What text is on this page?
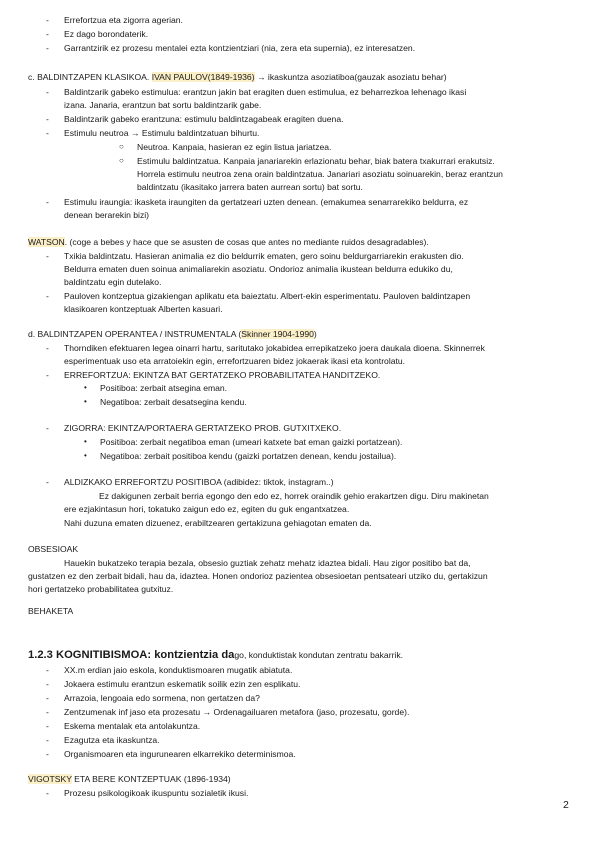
- Errefortzua eta zigorra agerian.
- Ez dago borondaterik.
- Garrantzirik ez prozesu mentalei ezta kontzientziari (nia, zera eta supernia), ez interesatzen.
c. BALDINTZAPEN KLASIKOA. IVAN PAULOV(1849-1936) → ikaskuntza asoziatiboa(gauzak asoziatu behar)
- Baldintzarik gabeko estimulua: erantzun jakin bat eragiten duen estimulua, ez beharrezkoa lehenago ikasi
izana. Janaria, erantzun bat sortu baldintzarik gabe.
- Baldintzarik gabeko erantzuna: estimulu baldintzagabeak eragiten duena.
- Estimulu neutroa → Estimulu baldintzatuan bihurtu.
○ Neutroa. Kanpaia, hasieran ez egin listua jariatzea.
○ Estimulu baldintzatua. Kanpaia janariarekin erlazionatu behar, biak batera txakurrari erakutsiz.
Horrela estimulu neutroa zena orain baldintzatua. Janariari asoziatu soinuarekin, beraz erantzun
baldintzatu (ikasitako jarrera baten aurrean sortu) bat sortu.
- Estimulu iraungia: ikasketa iraungiten da gertatzeari uzten denean. (emakumea senarrarekiko beldurra, ez
denean berarekin bizi)
WATSON. (coge a bebes y hace que se asusten de cosas que antes no mediante ruidos desagradables).
- Txikia baldintzatu. Hasieran animalia ez dio beldurrik ematen, gero soinu beldurgarriarekin erakusten dio.
Beldurra ematen duen soinua animaliarekin asoziatu. Ondorioz animalia ikustean beldurra edukiko du,
baldintzatu egin dutelako.
- Pauloven kontzeptua gizakiengan aplikatu eta baieztatu. Albert-ekin esperimentatu. Pauloven baldintzapen
klasikoaren kontzeptuak Alberten kasuari.
d. BALDINTZAPEN OPERANTEA / INSTRUMENTALA (Skinner 1904-1990)
- Thorndiken efektuaren legea oinarri hartu, saritutako jokabidea errepikatzeko joera daukala dioena. Skinnerrek
esperimentuak uso eta arratoiekin egin, errefortzuaren bidez jokaerak ikasi eta kontrolatu.
- ERREFORTZUA: EKINTZA BAT GERTATZEKO PROBABILITATEA HANDITZEKO.
• Positiboa: zerbait atsegina eman.
• Negatiboa: zerbait desatsegina kendu.
- ZIGORRA: EKINTZA/PORTAERA GERTATZEKO PROB. GUTXITXEKO.
• Positiboa: zerbait negatiboa eman (umeari katxete bat eman gaizki portatzean).
• Negatiboa: zerbait positiboa kendu (gaizki portatzen denean, kendu jostailua).
- ALDIZKAKO ERREFORTZU POSITIBOA (adibidez: tiktok, instagram..)
Ez dakigunen zerbait berria egongo den edo ez, horrek oraindik gehio erakartzen digu. Diru makinetan
ere ezjakintasun hori, tokatuko zaigun edo ez, egiten du guk engantxatzea.
Nahi duzuna ematen dizuenez, erabiltzearen gertakizuna gehiagotan ematen da.
OBSESIOAK
Hauekin bukatzeko terapia bezala, obsesio guztiak zehatz mehatz idaztea bidali. Hau zigor positibo bat da,
gustatzen ez den zerbait bidali, hau da, idaztea. Honen ondorioz pazientea obsesioetan pentsateari utziko du, gertakizun
hori gertatzeko probabilitatea gutxituz.
BEHAKETA
1.2.3 KOGNITIBISMOA: kontzientzia dago, konduktistak kondutan zentratu bakarrik.
- XX.m erdian jaio eskola, konduktismoaren mugatik abiatuta.
- Jokaera estimulu erantzun eskematik soilik ezin zen esplikatu.
- Arrazoia, lengoaia edo sormena, non gertatzen da?
- Zentzumenak inf jaso eta prozesatu → Ordenagailuaren metafora (jaso, prozesatu, gorde).
- Eskema mentalak eta antolakuntza.
- Ezagutza eta ikaskuntza.
- Organismoaren eta ingurunearen elkarrekiko determinismoa.
VIGOTSKY ETA BERE KONTZEPTUAK (1896-1934)
- Prozesu psikologikoak ikuspuntu sozialetik ikusi.
2
